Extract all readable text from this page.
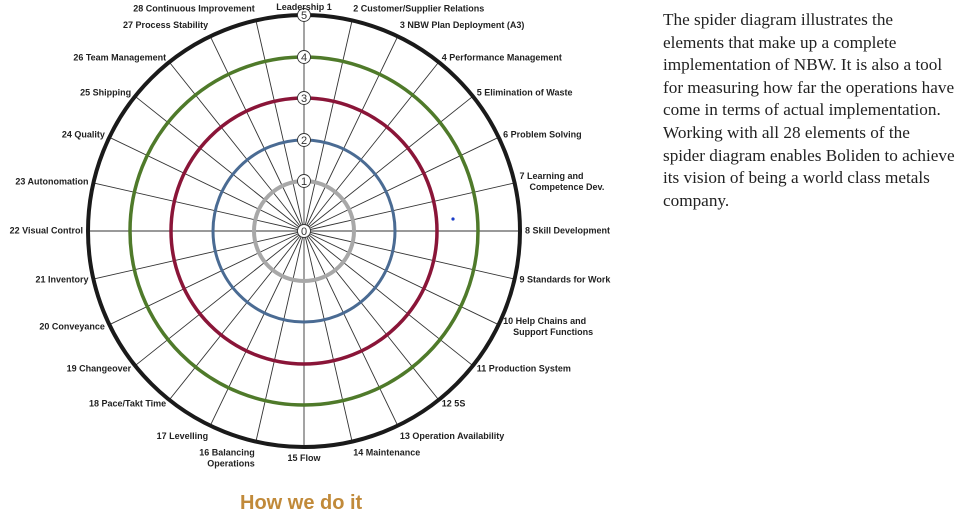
0
1
2
3
4
5
Leadership 1 2 Customer/Supplier Relations
3 NBW Plan Deployment (A3)
4 Performance Management
5 Elimination of Waste
6 Problem Solving
7 Learning and
Competence Dev.
8 Skill Development
9 Standards for Work
10 Help Chains and
Support Functions
11 Production System
12 5S
13 Operation Availability
14 Maintenance
15 Flow
16 Balancing
Operations
17 Levelling
18 Pace/Takt Time
19 Changeover
20 Conveyance
21 Inventory
22 Visual Control
23 Autonomation
24 Quality
25 Shipping
26 Team Management
27 Process Stability
28 Continuous Improvement
The spider diagram illustrates the elements that make up a complete implementation of NBW. It is also a tool for measuring how far the operations have come in terms of actual implementation. Working with all 28 elements of the spider diagram enables Boliden to achieve its vision of being a world class metals company.
How we do it
